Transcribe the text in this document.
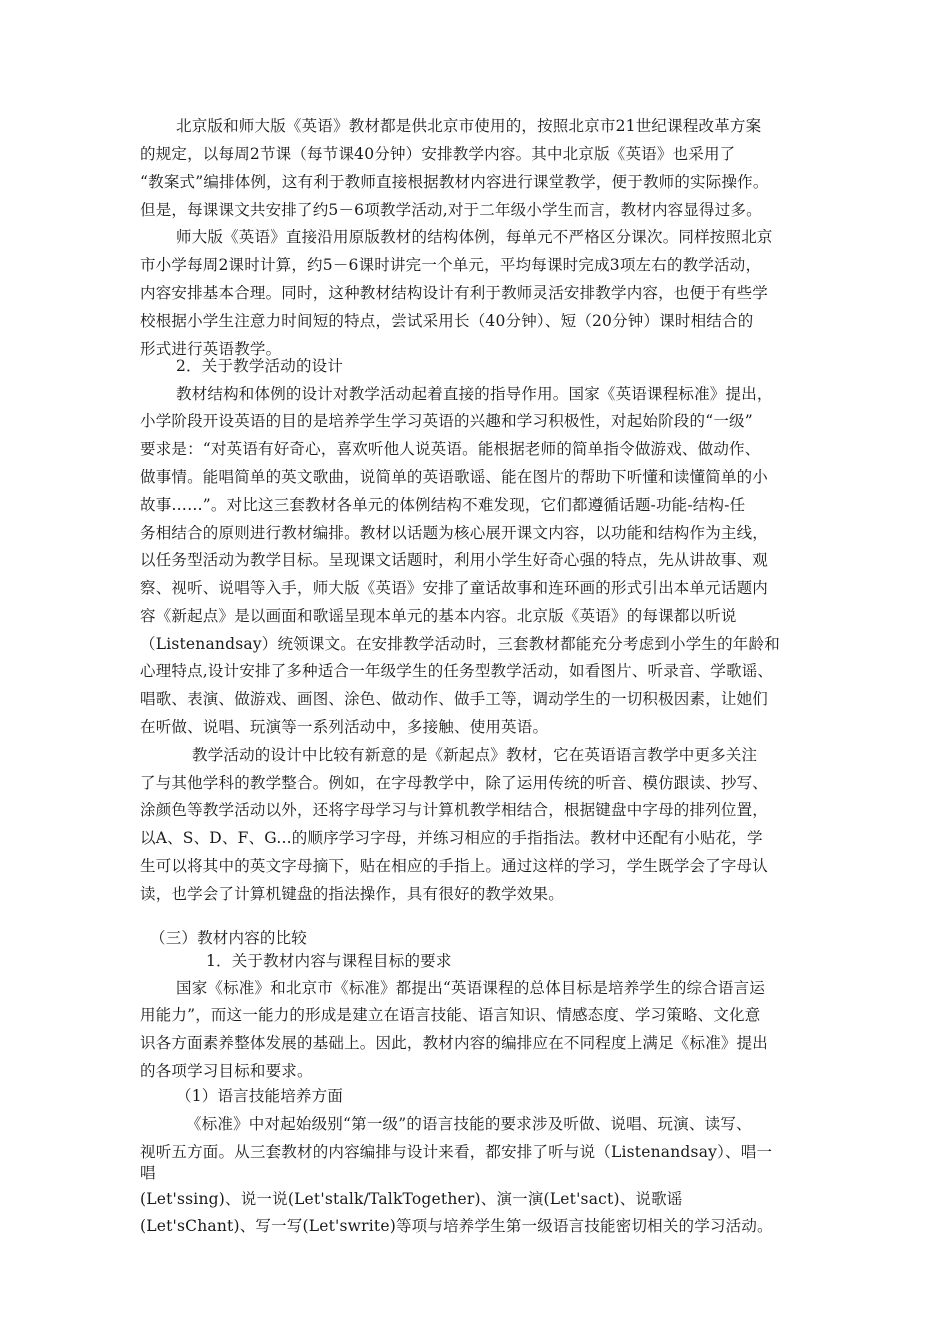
北京版和师大版《英语》教材都是供北京市使用的，按照北京市21世纪课程改革方案
的规定，以每周2节课（每节课40分钟）安排教学内容。其中北京版《英语》也采用了
“教案式”编排体例，这有利于教师直接根据教材内容进行课堂教学，便于教师的实际操作。
但是，每课课文共安排了约5－6项教学活动,对于二年级小学生而言，教材内容显得过多。
师大版《英语》直接沿用原版教材的结构体例，每单元不严格区分课次。同样按照北京
市小学每周2课时计算，约5－6课时讲完一个单元，平均每课时完成3项左右的教学活动，
内容安排基本合理。同时，这种教材结构设计有利于教师灵活安排教学内容，也便于有些学
校根据小学生注意力时间短的特点，尝试采用长（40分钟）、短（20分钟）课时相结合的
形式进行英语教学。
2．关于教学活动的设计
教材结构和体例的设计对教学活动起着直接的指导作用。国家《英语课程标准》提出，
小学阶段开设英语的目的是培养学生学习英语的兴趣和学习积极性，对起始阶段的“一级”
要求是：“对英语有好奇心，喜欢听他人说英语。能根据老师的简单指令做游戏、做动作、
做事情。能唱简单的英文歌曲，说简单的英语歌谣、能在图片的帮助下听懂和读懂简单的小
故事……”。对比这三套教材各单元的体例结构不难发现，它们都遵循话题-功能-结构-任
务相结合的原则进行教材编排。教材以话题为核心展开课文内容，以功能和结构作为主线，
以任务型活动为教学目标。呈现课文话题时，利用小学生好奇心强的特点，先从讲故事、观
察、视听、说唱等入手，师大版《英语》安排了童话故事和连环画的形式引出本单元话题内
容《新起点》是以画面和歌谣呈现本单元的基本内容。北京版《英语》的每课都以听说
（Listenandsay）统领课文。在安排教学活动时，三套教材都能充分考虑到小学生的年龄和
心理特点,设计安排了多种适合一年级学生的任务型教学活动，如看图片、听录音、学歌谣、
唱歌、表演、做游戏、画图、涂色、做动作、做手工等，调动学生的一切积极因素，让她们
在听做、说唱、玩演等一系列活动中，多接触、使用英语。
教学活动的设计中比较有新意的是《新起点》教材，它在英语语言教学中更多关注
了与其他学科的教学整合。例如，在字母教学中，除了运用传统的听音、模仿跟读、抄写、
涂颜色等教学活动以外，还将字母学习与计算机教学相结合，根据键盘中字母的排列位置，
以A、S、D、F、G...的顺序学习字母，并练习相应的手指指法。教材中还配有小贴花，学
生可以将其中的英文字母摘下，贴在相应的手指上。通过这样的学习，学生既学会了字母认
读，也学会了计算机键盘的指法操作，具有很好的教学效果。
（三）教材内容的比较
1．关于教材内容与课程目标的要求
国家《标准》和北京市《标准》都提出“英语课程的总体目标是培养学生的综合语言运
用能力”，而这一能力的形成是建立在语言技能、语言知识、情感态度、学习策略、文化意
识各方面素养整体发展的基础上。因此，教材内容的编排应在不同程度上满足《标准》提出
的各项学习目标和要求。
（1）语言技能培养方面
《标准》中对起始级别“第一级”的语言技能的要求涉及听做、说唱、玩演、读写、
视听五方面。从三套教材的内容编排与设计来看，都安排了听与说（Listenandsay）、唱一
唱
(Let'ssing)、说一说(Let'stalk/TalkTogether)、演一演(Let'sact)、说歌谣
(Let'sChant)、写一写(Let'swrite)等项与培养学生第一级语言技能密切相关的学习活动。
